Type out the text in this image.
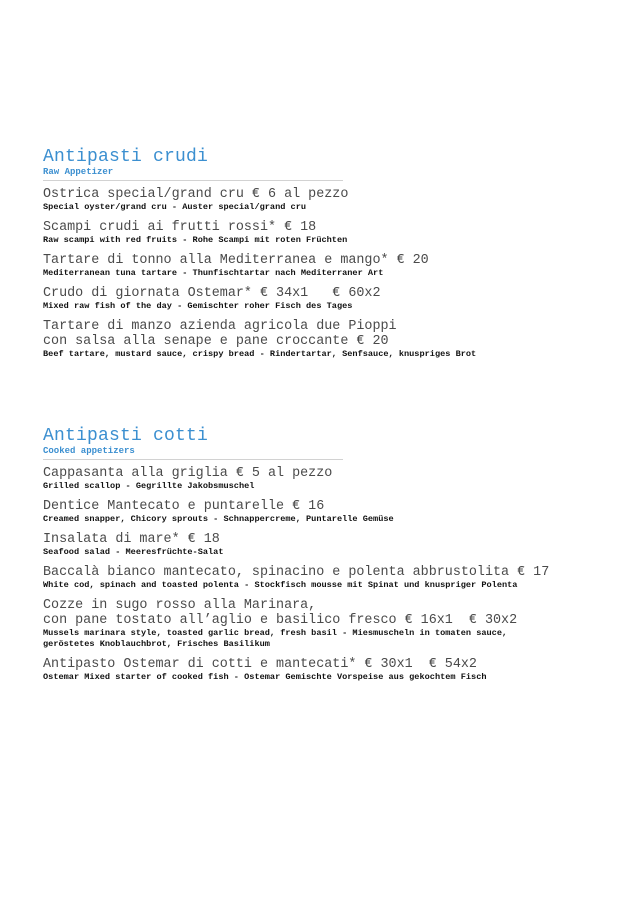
Antipasti crudi
Raw Appetizer
Ostrica special/grand cru € 6 al pezzo
Special oyster/grand cru - Auster special/grand cru
Scampi crudi ai frutti rossi* € 18
Raw scampi with red fruits - Rohe Scampi mit roten Früchten
Tartare di tonno alla Mediterranea e mango* € 20
Mediterranean tuna tartare - Thunfischtartar nach Mediterraner Art
Crudo di giornata Ostemar* € 34x1   € 60x2
Mixed raw fish of the day - Gemischter roher Fisch des Tages
Tartare di manzo azienda agricola due Pioppi
con salsa alla senape e pane croccante € 20
Beef tartare, mustard sauce, crispy bread - Rindertartar, Senfsauce, knuspriges Brot
Antipasti cotti
Cooked appetizers
Cappasanta alla griglia € 5 al pezzo
Grilled scallop - Gegrillte Jakobsmuschel
Dentice Mantecato e puntarelle € 16
Creamed snapper, Chicory sprouts - Schnappercreme, Puntarelle Gemüse
Insalata di mare* € 18
Seafood salad - Meeresfrüchte-Salat
Baccalà bianco mantecato, spinacino e polenta abbrustolita € 17
White cod, spinach and toasted polenta - Stockfisch mousse mit Spinat und knuspriger Polenta
Cozze in sugo rosso alla Marinara,
con pane tostato all’aglio e basilico fresco € 16x1  € 30x2
Mussels marinara style, toasted garlic bread, fresh basil - Miesmuscheln in tomaten sauce,
geröstetes Knoblauchbrot, Frisches Basilikum
Antipasto Ostemar di cotti e mantecati* € 30x1  € 54x2
Ostemar Mixed starter of cooked fish - Ostemar Gemischte Vorspeise aus gekochtem Fisch
